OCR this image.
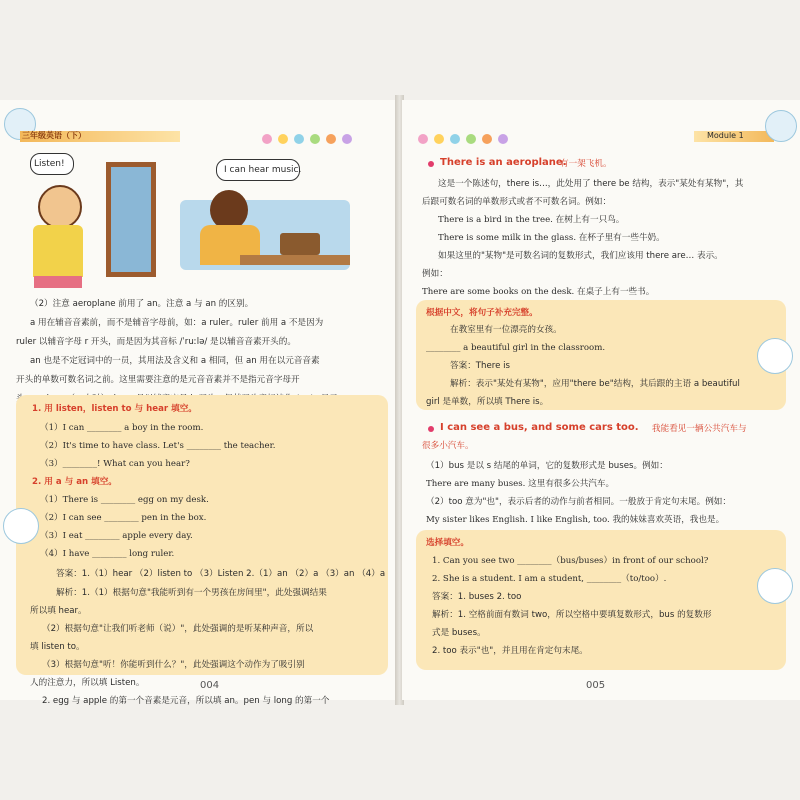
三年级英语（下）
Listen!
I can hear music.
（2）注意 aeroplane 前用了 an。注意 a 与 an 的区别。
a 用在辅音音素前，而不是辅音字母前，如：a ruler。ruler 前用 a 不是因为
ruler 以辅音字母 r 开头，而是因为其音标 /ˈruːlə/ 是以辅音音素开头的。
an 也是不定冠词中的一员，其用法及含义和 a 相同，但 an 用在以元音音素
开头的单数可数名词之前。这里需要注意的是元音音素并不是指元音字母开
1. 用 listen，listen to 与 hear 填空。
（1）I can ________ a boy in the room.
（2）It's time to have class. Let's ________ the teacher.
（3）________! What can you hear?
2. 用 a 与 an 填空。
（1）There is ________ egg on my desk.
（2）I can see ________ pen in the box.
（3）I eat ________ apple every day.
（4）I have ________ long ruler.
答案：1.（1）hear （2）listen to （3）Listen 2.（1）an （2）a （3）an （4）a
解析：1.（1）根据句意"我能听到有一个男孩在房间里"，此处强调结果
所以填 hear。
（2）根据句意"让我们听老师（说）"，此处强调的是听某种声音，所以
填 listen to。
（3）根据句意"听！你能听到什么？"，此处强调这个动作为了吸引别
人的注意力，所以填 Listen。
2. egg 与 apple 的第一个音素是元音，所以填 an。pen 与 long 的第一个
004
Module 1
There is an aeroplane.
有一架飞机。
这是一个陈述句，there is…，此处用了 there be 结构，表示"某处有某物"，其
后跟可数名词的单数形式或者不可数名词。例如：
There is a bird in the tree. 在树上有一只鸟。
There is some milk in the glass. 在杯子里有一些牛奶。
如果这里的"某物"是可数名词的复数形式，我们应该用 there are… 表示。
例如：
There are some books on the desk. 在桌子上有一些书。
根据中文，将句子补充完整。
在教室里有一位漂亮的女孩。
________ a beautiful girl in the classroom.
答案：There is
解析：表示"某处有某物"，应用"there be"结构，其后跟的主语 a beautiful
girl 是单数，所以填 There is。
I can see a bus, and some cars too. 我能看见一辆公共汽车与
很多小汽车。
（1）bus 是以 s 结尾的单词，它的复数形式是 buses。例如：
There are many buses. 这里有很多公共汽车。
（2）too 意为"也"，表示后者的动作与前者相同。一般放于肯定句末尾。例如：
My sister likes English. I like English, too. 我的妹妹喜欢英语，我也是。
选择填空。
1. Can you see two ________（bus/buses）in front of our school?
2. She is a student. I am a student, ________（to/too）.
答案：1. buses 2. too
解析：1. 空格前面有数词 two，所以空格中要填复数形式，bus 的复数形
式是 buses。
2. too 表示"也"，并且用在肯定句末尾。
005
